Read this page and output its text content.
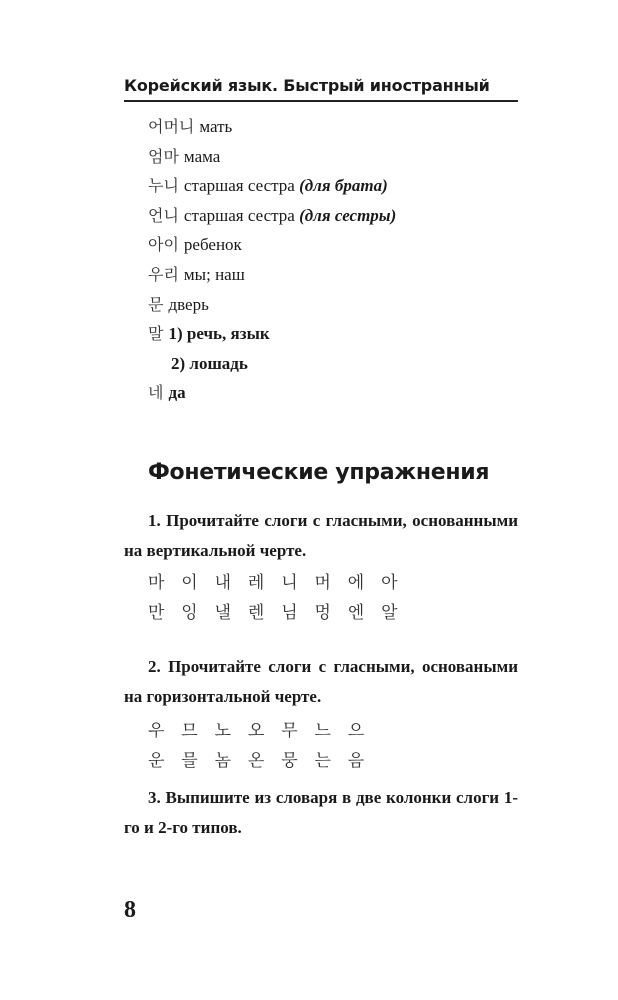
Корейский язык. Быстрый иностранный
어머니 мать
엄마 мама
누니 старшая сестра (для брата)
언니 старшая сестра (для сестры)
아이 ребенок
우리 мы; наш
문 дверь
말 1) речь, язык
2) лошадь
네 да
Фонетические упражнения
1. Прочитайте слоги с гласными, основанными на вертикальной черте.
마 이 내 레 니 머 에 아
만 잉 낼 렌 님 멍 엔 알
2. Прочитайте слоги с гласными, основаными на горизонтальной черте.
우 므 노 오 무 느 으
운 믈 놈 온 뭉 는 음
3. Выпишите из словаря в две колонки слоги 1-го и 2-го типов.
8
